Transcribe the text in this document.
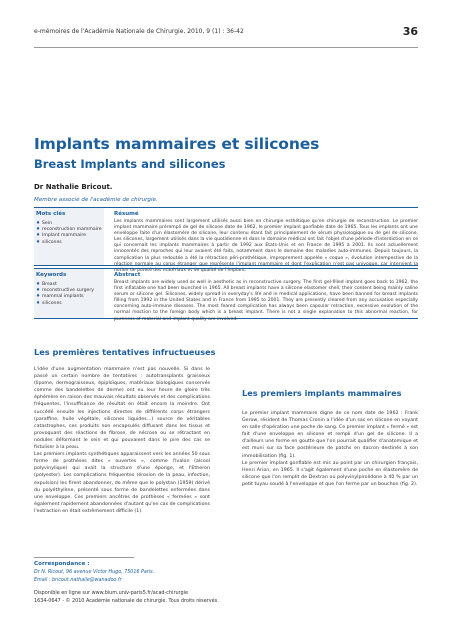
e-mémoires de l'Académie Nationale de Chirurgie, 2010, 9 (1) : 36-42	36
Implants mammaires et silicones
Breast Implants and silicones
Dr Nathalie Bricout.
Membre associé de l'académie de chirurgie.
Mots clés
♦ Sein
♦ reconstruction mammaire
♦ Implant mammaire
♦ silicones
Résumé

Les implants mammaires sont largement utilisés aussi bien en chirurgie esthétique qu'en chirurgie de reconstruction. Le premier implant mammaire prérempli de gel de silicone date de 1962, le premier implant gonflable date de 1965. Tous les implants ont une enveloppe faite d'un élastomère de silicone, leur contenu étant fait principalement de sérum physiologique ou de gel de silicone. Les silicones, largement utilisés dans la vie quotidienne et dans le domaine médical ont fait l'objet d'une période d'interdiction en ce qui concernait les implants mammaires à partir de 1992 aux Etats-Unis et en France de 1995 à 2001. Ils sont actuellement innocentés des reproches qui leur avaient été faits, notamment dans le domaine des maladies auto-immunes. Depuis toujours, la complication la plus redoutée a été la rétraction péri-prothétique, improprement appelée « coque », évolution intempestive de la réaction normale au corps étranger que représente l'implant mammaire et dont l'explication n'est pas univoque, car intervient la notion de pureté des matériaux et de qualité de l'implant.

Keywords
♦ Breast
♦ reconstructive surgery
♦ mammal implants
♦ silicones
Abstract

Breast implants are widely used as well in aesthetic as in reconstructive surgery. The first gel-filled implant goes back to 1962, the first inflatable one had been launched in 1965. All breast implants have a silicone elastomer shell, their content being mainly saline serum or silicone gel. Silicones, widely spread in everyday's life and in medical applications, have been banned for breast implants filling from 1992 in the United States and in France from 1995 to 2001. They are presently cleared from any accusation especially concerning auto-immune diseases. The most feared complication has always been capsular retraction, excessive evolution of the normal reaction to the foreign body which is a breast implant. There is not a single explanation to this abnormal reaction, for pureness of material and implant quality are involved.

Les premières tentatives infructueuses

L'idée d'une augmentation mammaire n'est pas nouvelle. Si dans le passé un certain nombre de tentatives : autotransplants graisseux (lipome, dermograisseux, épiploïques, matériaux biologiques conservés comme des bandelettes de derme) ont eu leur heure de gloire très éphémère en raison des mauvais résultats observés et des complications fréquentes, l'insuffisance de résultat en était encore la moindre. Ont succédé ensuite les injections directes de différents corps étrangers (paraffine, huile végétale, silicones liquides…) source de véritables catastrophes, ces produits non encapsulés diffusant dans les tissus et provoquant des réactions de fibrose, de nécrose ou se rétractant en nodules déformant le sein et qui pouvaient dans le pire des cas se fistuliser à la peau.

Les premiers implants synthétiques apparaissent vers les années 50 sous forme de prothèses dites « ouvertes », comme l'Ivalon (alcool polyvinylique) qui avait la structure d'une éponge, et l'Etheron (polyester). Les complications fréquentes (érosion de la peau, infection, expulsion) les firent abandonner, de même que le polystan (1959) dérivé du polyéthylène, présenté sous forme de bandelettes enfermées dans une enveloppe. Ces premiers ancêtres de prothèses « fermées » sont également rapidement abandonnées d'autant qu'en cas de complications l'extraction en était extrêmement difficile (1).

Les premiers implants mammaires

Le premier implant mammaire digne de ce nom date de 1962 : Frank Gerow, résident de Thomas Cronin a l'idée d'un sac en silicone en voyant en salle d'opération une poche de sang. Ce premier implant « fermé » est fait d'une enveloppe en silicone et rempli d'un gel de silicone. Il a d'ailleurs une forme en goutte que l'on pourrait qualifier d'anatomique et est muni sur sa face postérieure de patchs en dacron destinés à son immobilisation (fig. 1).

Le premier implant gonflable est mis au point par un chirurgien français, Henri Arion, en 1965. Il s'agit également d'une poche en élastomère de silicone que l'on remplit de Dextran ou polyvinylpirolidone à 40 % par un petit tuyau soudé à l'enveloppe et que l'on ferme par un bouchon (fig. 2).

Correspondance :
Dr N. Ricout, 96 avenue Victor Hugo, 75016 Paris.
Email : bricout.nathalie@wanadoo.fr
Disponible en ligne sur www.bium.univ-paris5.fr/acad-chirurgie
1634-0647 - © 2010 Académie nationale de chirurgie. Tous droits réservés.
